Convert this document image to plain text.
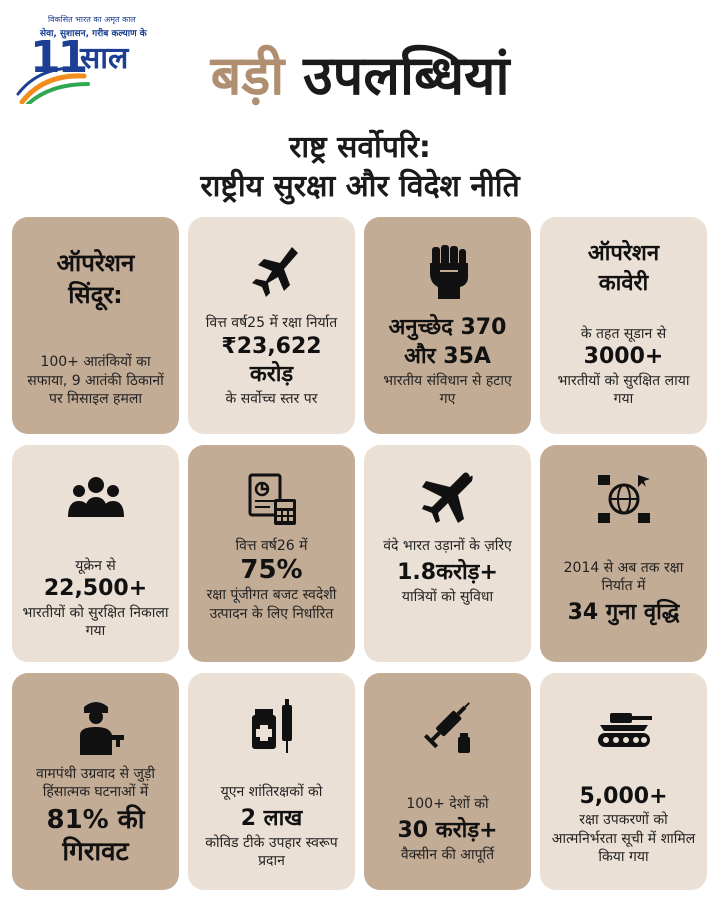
विकसित भारत का अमृत काल
सेवा, सुशासन, गरीब कल्याण के
11
साल	बड़ी उपलब्धियां
राष्ट्र सर्वोपरि:
राष्ट्रीय सुरक्षा और विदेश नीति
ऑपरेशन
सिंदूर:
100+ आतंकियों का सफाया, 9 आतंकी ठिकानों पर मिसाइल हमला
वित्त वर्ष25 में रक्षा निर्यात
₹23,622 करोड़
के सर्वोच्च स्तर पर
अनुच्छेद 370 और 35A
भारतीय संविधान से हटाए गए
ऑपरेशन
कावेरी
के तहत सूडान से
3000+
भारतीयों को सुरक्षित लाया गया
यूक्रेन से
22,500+
भारतीयों को सुरक्षित निकाला गया
वित्त वर्ष26 में
75%
रक्षा पूंजीगत बजट स्वदेशी उत्पादन के लिए निर्धारित
वंदे भारत उड़ानों के ज़रिए
1.8करोड़+
यात्रियों को सुविधा
2014 से अब तक रक्षा निर्यात में
34 गुना वृद्धि
वामपंथी उग्रवाद से जुड़ी हिंसात्मक घटनाओं में
81% की गिरावट
यूएन शांतिरक्षकों को
2 लाख
कोविड टीके उपहार स्वरूप प्रदान
100+ देशों को
30 करोड़+
वैक्सीन की आपूर्ति
5,000+
रक्षा उपकरणों को आत्मनिर्भरता सूची में शामिल किया गया
